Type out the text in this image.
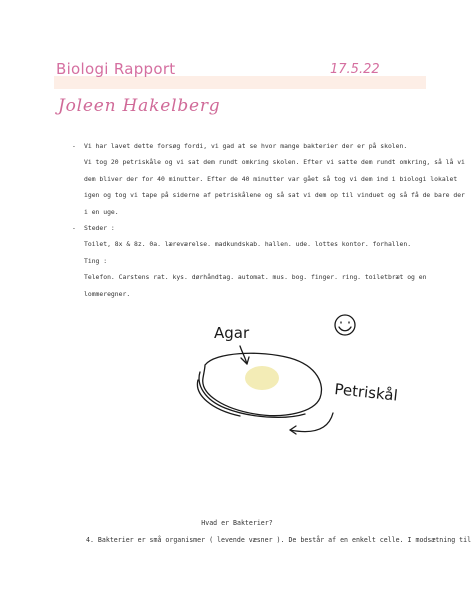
Biologi Rapport	17.5.22
Joleen Hakelberg
- Vi har lavet dette forsøg fordi, vi gad at se hvor mange bakterier der er på skolen.
Vi tog 20 petriskåle og vi sat dem rundt omkring skolen. Efter vi satte dem rundt omkring, så lå vi
dem bliver der for 40 minutter. Efter de 40 minutter var gået så tog vi dem ind i biologi lokalet
igen og tog vi tape på siderne af petriskålene og så sat vi dem op til vinduet og så få de bare der
i en uge.
- Steder :
Toilet, 8x & 8z. 0a. læreværelse. madkundskab. hallen. ude. lottes kontor. forhallen.
Ting :
Telefon. Carstens rat. kys. dørhåndtag. automat. mus. bog. finger. ring. toiletbræt og en
lommeregner.
Agar
Petriskål
Hvad er Bakterier?
4. Bakterier er små organismer ( levende væsner ). De består af en enkelt celle. I modsætning til
